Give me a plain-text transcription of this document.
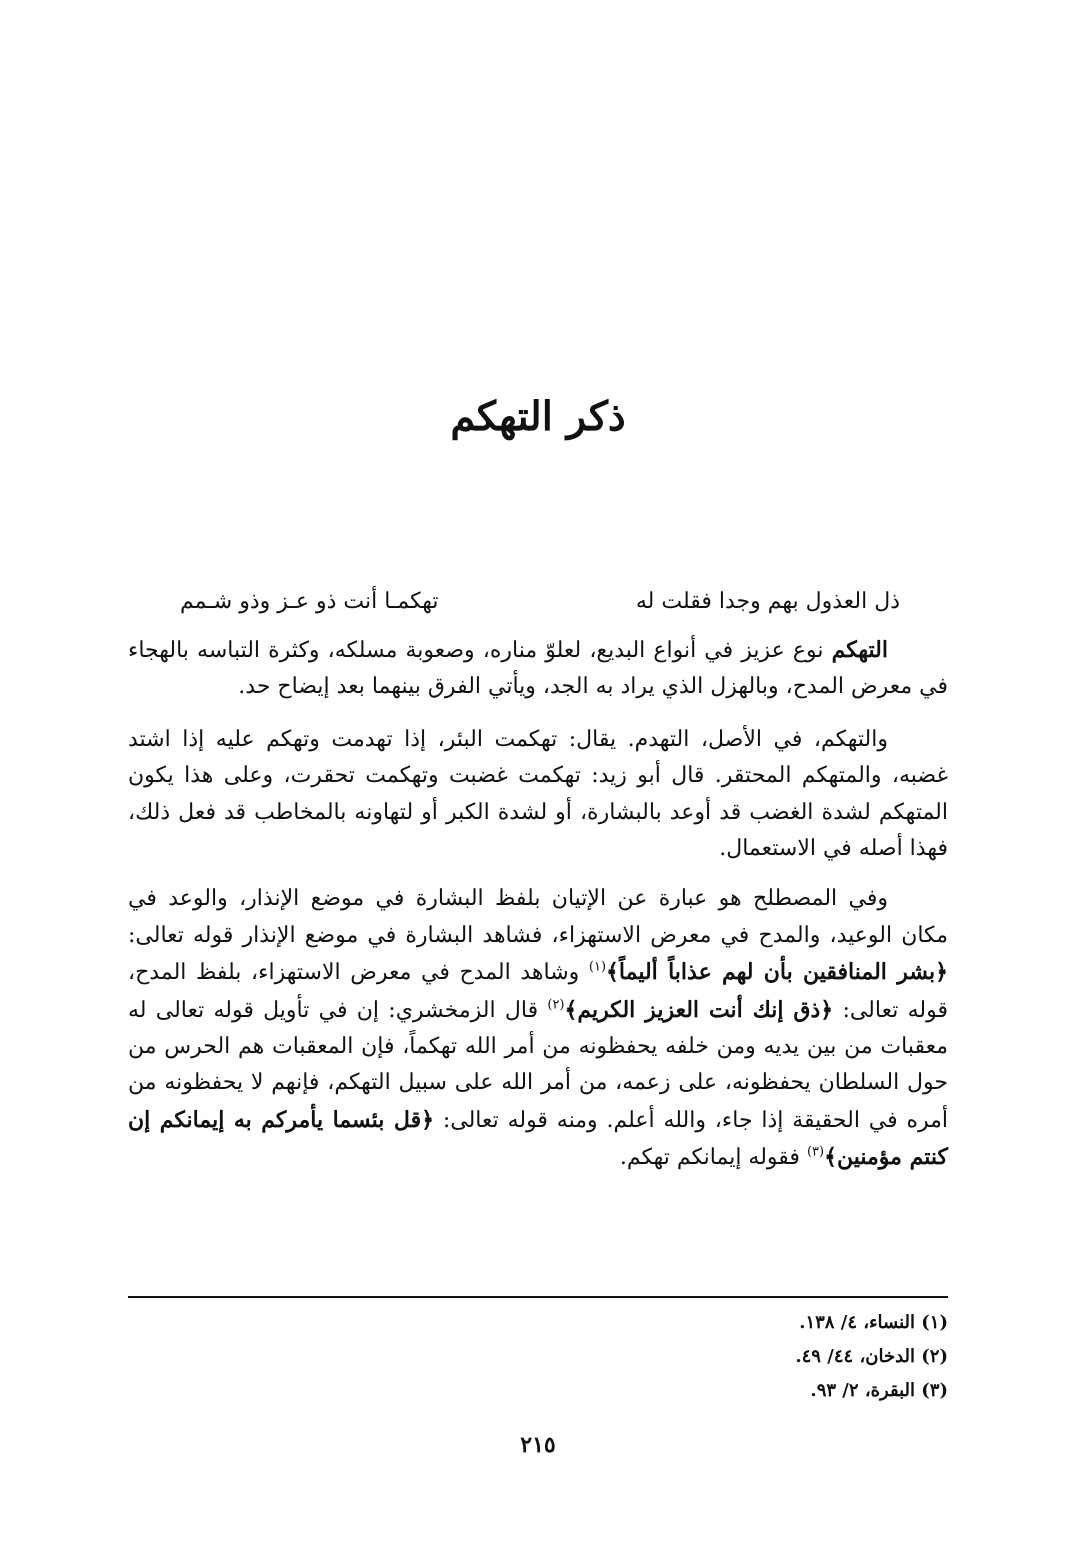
ذكر التهكم
ذل العذول بهم وجدا فقلت له
تهكمـا أنت ذو عـز وذو شـمم

التهكم نوع عزيز في أنواع البديع، لعلوّ مناره، وصعوبة مسلكه، وكثرة التباسه بالهجاء في معرض المدح، وبالهزل الذي يراد به الجد، ويأتي الفرق بينهما بعد إيضاح حد.

والتهكم، في الأصل، التهدم. يقال: تهكمت البئر، إذا تهدمت وتهكم عليه إذا اشتد غضبه، والمتهكم المحتقر. قال أبو زيد: تهكمت غضبت وتهكمت تحقرت، وعلى هذا يكون المتهكم لشدة الغضب قد أوعد بالبشارة، أو لشدة الكبر أو لتهاونه بالمخاطب قد فعل ذلك، فهذا أصله في الاستعمال.

وفي المصطلح هو عبارة عن الإتيان بلفظ البشارة في موضع الإنذار، والوعد في مكان الوعيد، والمدح في معرض الاستهزاء، فشاهد البشارة في موضع الإنذار قوله تعالى: ﴿بشر المنافقين بأن لهم عذاباً أليماً﴾$^{(١)}$ وشاهد المدح في معرض الاستهزاء، بلفظ المدح، قوله تعالى: ﴿ذق إنك أنت العزيز الكريم﴾$^{(٢)}$ قال الزمخشري: إن في تأويل قوله تعالى له معقبات من بين يديه ومن خلفه يحفظونه من أمر الله تهكماً، فإن المعقبات هم الحرس من حول السلطان يحفظونه، على زعمه، من أمر الله على سبيل التهكم، فإنهم لا يحفظونه من أمره في الحقيقة إذا جاء، والله أعلم. ومنه قوله تعالى: ﴿قل بئسما يأمركم به إيمانكم إن كنتم مؤمنين﴾$^{(٣)}$ فقوله إيمانكم تهكم.

(١) النساء، ٤/ ١٣٨.

(٢) الدخان، ٤٤/ ٤٩.

(٣) البقرة، ٢/ ٩٣.

٢١٥
